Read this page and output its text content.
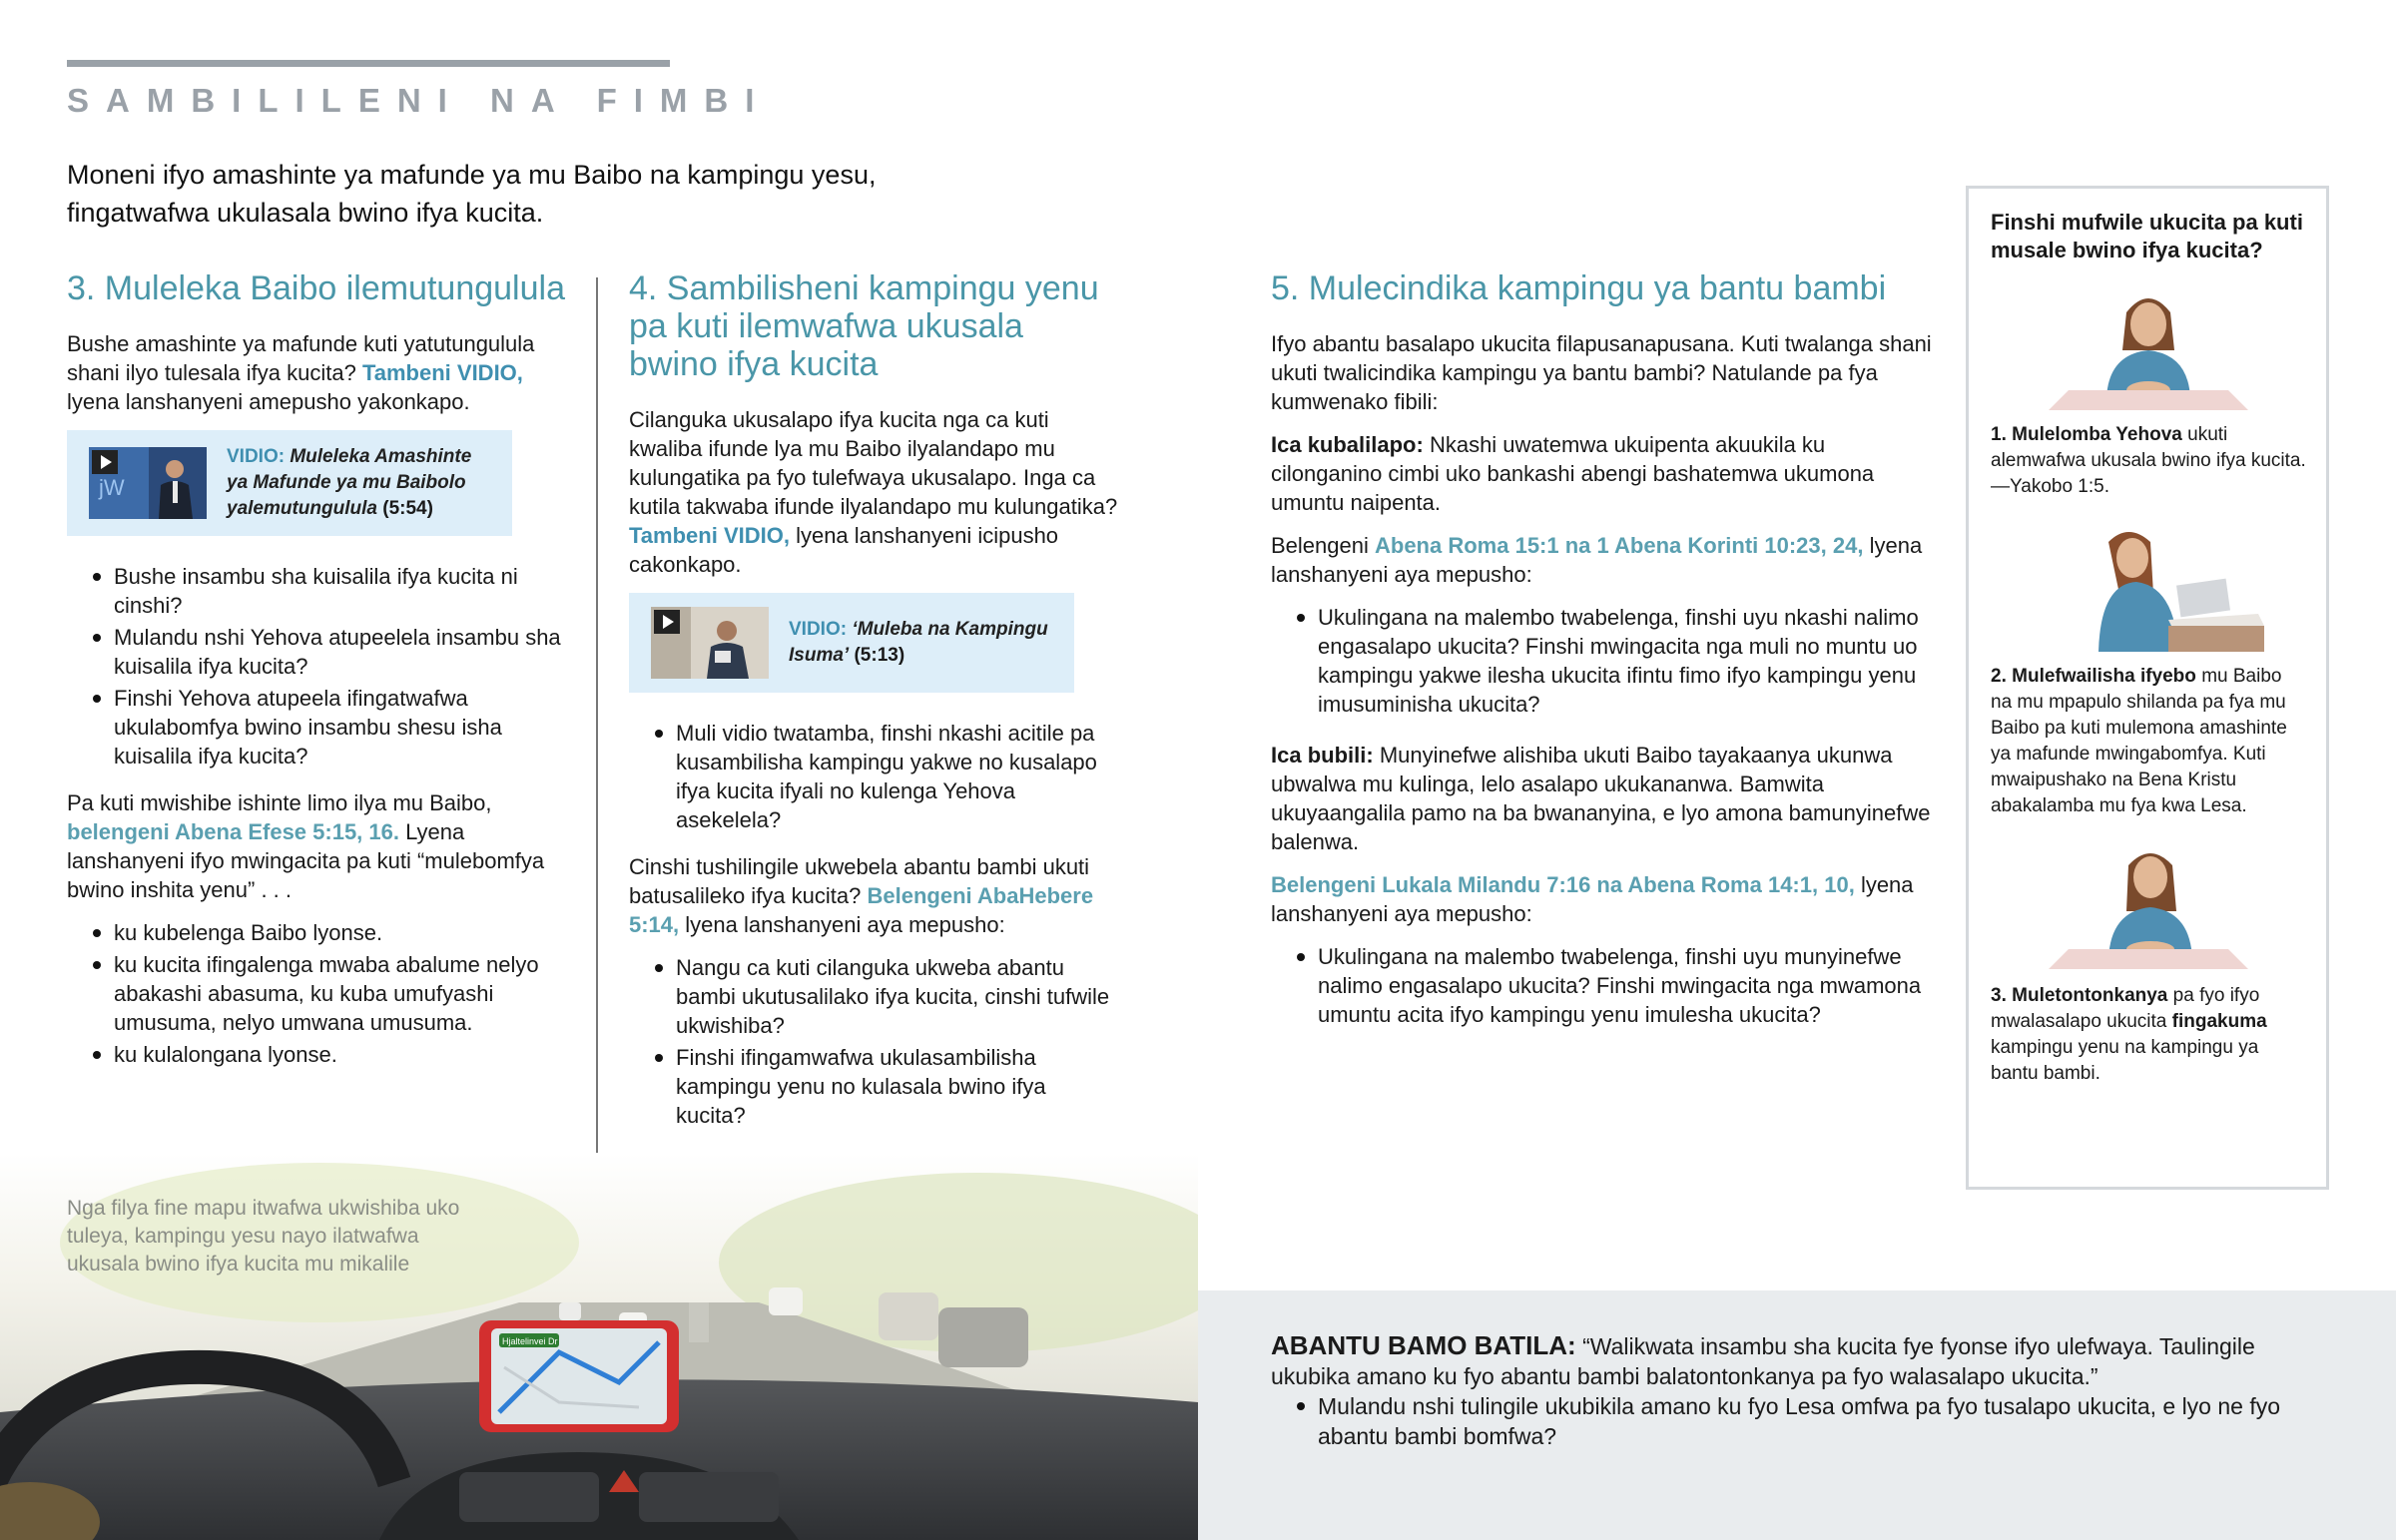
SAMBILILENI NA FIMBI
Moneni ifyo amashinte ya mafunde ya mu Baibo na kampingu yesu, fingatwafwa ukulasala bwino ifya kucita.
3. Muleleka Baibo ilemutungulula

Bushe amashinte ya mafunde kuti yatutungulula shani ilyo tulesala ifya kucita? Tambeni VIDIO, lyena lanshanyeni amepusho yakonkapo.

jW
VIDIO: Muleleka Amashinte ya Mafunde ya mu Baibolo yalemutungulula (5:54)
Bushe insambu sha kuisalila ifya kucita ni cinshi?
Mulandu nshi Yehova atupeelela insambu sha kuisalila ifya kucita?
Finshi Yehova atupeela ifingatwafwa ukulabomfya bwino insambu shesu isha kuisalila ifya kucita?

Pa kuti mwishibe ishinte limo ilya mu Baibo, belengeni Abena Efese 5:15, 16. Lyena lanshanyeni ifyo mwingacita pa kuti “mulebomfya bwino inshita yenu” . . .

ku kubelenga Baibo lyonse.
ku kucita ifingalenga mwaba abalume nelyo abakashi abasuma, ku kuba umufyashi umusuma, nelyo umwana umusuma.
ku kulalongana lyonse.
4. Sambilisheni kampingu yenu pa kuti ilemwafwa ukusala bwino ifya kucita

Cilanguka ukusalapo ifya kucita nga ca kuti kwaliba ifunde lya mu Baibo ilyalandapo mu kulungatika pa fyo tulefwaya ukusalapo. Inga ca kutila takwaba ifunde ilyalandapo mu kulungatika? Tambeni VIDIO, lyena lanshanyeni icipusho cakonkapo.

VIDIO: ‘Muleba na Kampingu Isuma’ (5:13)
Muli vidio twatamba, finshi nkashi acitile pa kusambilisha kampingu yakwe no kusalapo ifya kucita ifyali no kulenga Yehova asekelela?

Cinshi tushilingile ukwebela abantu bambi ukuti batusalileko ifya kucita? Belengeni AbaHebere 5:14, lyena lanshanyeni aya mepusho:

Nangu ca kuti cilanguka ukweba abantu bambi ukutusalilako ifya kucita, cinshi tufwile ukwishiba?
Finshi ifingamwafwa ukulasambilisha kampingu yenu no kulasala bwino ifya kucita?
5. Mulecindika kampingu ya bantu bambi

Ifyo abantu basalapo ukucita filapusanapusana. Kuti twalanga shani ukuti twalicindika kampingu ya bantu bambi? Natulande pa fya kumwenako fibili:

Ica kubalilapo: Nkashi uwatemwa ukuipenta akuukila ku cilonganino cimbi uko bankashi abengi bashatemwa ukumona umuntu naipenta.

Belengeni Abena Roma 15:1 na 1 Abena Korinti 10:23, 24, lyena lanshanyeni aya mepusho:

Ukulingana na malembo twabelenga, finshi uyu nkashi nalimo engasalapo ukucita? Finshi mwingacita nga muli no muntu uo kampingu yakwe ilesha ukucita ifintu fimo ifyo kampingu yenu imusuminisha ukucita?

Ica bubili: Munyinefwe alishiba ukuti Baibo tayakaanya ukunwa ubwalwa mu kulinga, lelo asalapo ukukananwa. Bamwita ukuyaangalila pamo na ba bwananyina, e lyo amona bamunyinefwe balenwa.

Belengeni Lukala Milandu 7:16 na Abena Roma 14:1, 10, lyena lanshanyeni aya mepusho:

Ukulingana na malembo twabelenga, finshi uyu munyinefwe nalimo engasalapo ukucita? Finshi mwingacita nga mwamona umuntu acita ifyo kampingu yenu imulesha ukucita?
Finshi mufwile ukucita pa kuti musale bwino ifya kucita?

1. Mulelomba Yehova ukuti alemwafwa ukusala bwino ifya kucita. —Yakobo 1:5.

2. Mulefwailisha ifyebo mu Baibo na mu mpapulo shilanda pa fya mu Baibo pa kuti mulemona amashinte ya mafunde mwingabomfya. Kuti mwaipushako na Bena Kristu abakalamba mu fya kwa Lesa.

3. Muletontonkanya pa fyo ifyo mwalasalapo ukucita fingakuma kampingu yenu na kampingu ya bantu bambi.

Hjaltelinvei Dr
Nga filya fine mapu itwafwa ukwishiba uko tuleya, kampingu yesu nayo ilatwafwa ukusala bwino ifya kucita mu mikalile

ABANTU BAMO BATILA: “Walikwata insambu sha kucita fye fyonse ifyo ulefwaya. Taulingile ukubika amano ku fyo abantu bambi balatontonkanya pa fyo walasalapo ukucita.”

Mulandu nshi tulingile ukubikila amano ku fyo Lesa omfwa pa fyo tusalapo ukucita, e lyo ne fyo abantu bambi bomfwa?
